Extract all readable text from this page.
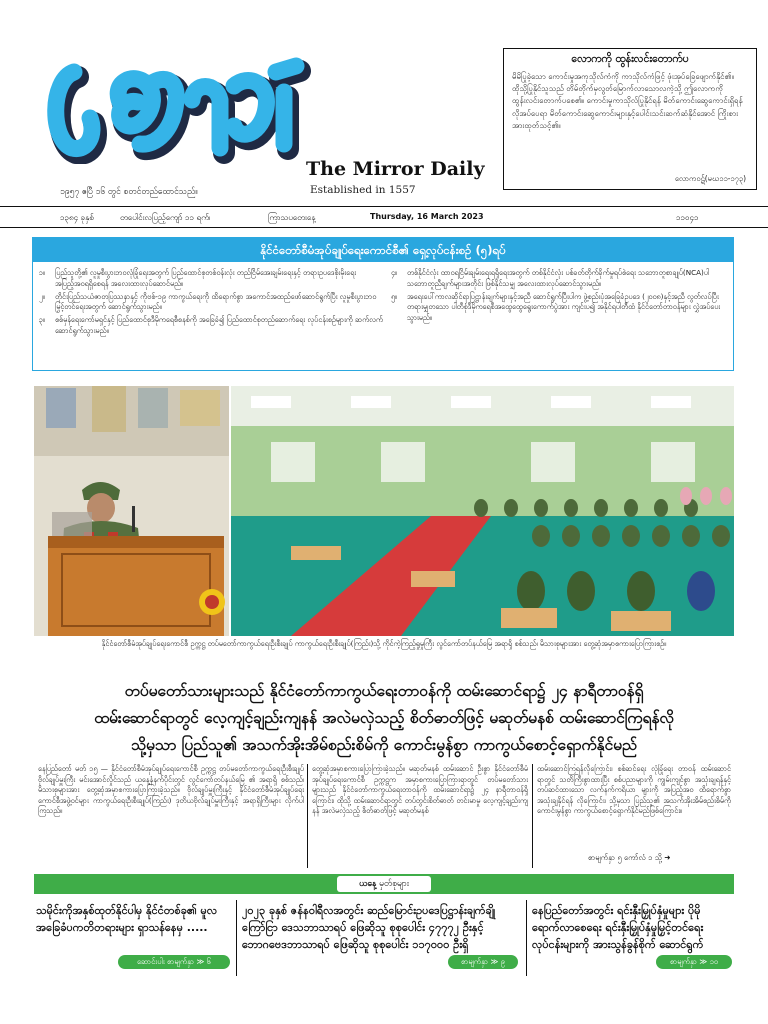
The Mirror Daily
Established in 1557
၁၉၅၇ ဧပြီ ၁၆ တွင် စတင်တည်ထောင်သည်။
လောကကို ထွန်းလင်းတောက်ပ
မိမိပြုခဲ့သော ကောင်းမှုအကုသိုလ်ကံကို ကာသိုလ်ကံဖြင့် ဖုံးအုပ်ခြေဖျောက်နိုင်၏။ ထိုသို့ပြုနိုင်သူသည် တိမ်တိုက်မှလွတ်မြောက်လာသောလကဲ့သို့ ဤလောကကို ထွန်းလင်းတောက်ပစေ၏။ ကောင်းမှုကာသိုလ်ပြုနိုင်ရန် မိတ်ကောင်းဆွေကောင်းရှိရန် လိုအပ်ပေရာ မိတ်ကောင်းဆွေကောင်းများနှင့်ပေါင်းသင်းဆက်ဆံနိုင်အောင် ကြိုးစားအားထုတ်သင့်၏။
လောကဝဋ်(မဃ၁၁-၁၇၃)
၁၃၈၄ ခုနှစ်	တပေါင်းလပြည့်ကျော် ၁၁ ရက်၊	ကြာသပတေးနေ့	Thursday, 16 March 2023	၁၁၀၄၁
နိုင်ငံတော်စီမံအုပ်ချုပ်ရေးကောင်စီ၏ ရှေ့လုပ်ငန်းစဉ် (၅)ရပ်
၁။ ပြည်သူတို့၏ လူမှုစီးပွားဘဝလုံခြုံရေးအတွက် ပြည်ထောင်စုတစ်ဝန်းလုံး တည်ငြိမ်အေးချမ်းရေးနှင့် တရားဥပဒေစိုးမိုးရေး အပြည့်အဝရရှိစေရန် အလေးထားလုပ်ဆောင်မည်။
၂။ တိုင်းပြည်သယံဇာတပြဿနာနှင့် ကိုဗစ်-၁၉ ကာကွယ်ရေးကို ထိရောက်စွာ အကောင်အထည်ဖော်ဆောင်ရွက်ပြီး လူမှုစီးပွားဘဝမြှင့်တင်ရေးအတွက် ဆောင်ရွက်သွားမည်။
၃။ စစ်မှန်ရေးကော်မရှင်နှင့် ပြည်ထောင်စုဒီမိုကရေစီစနစ်ကို အခြေခံ၍ ပြည်ထောင်စုတည်ဆောက်ရေး လုပ်ငန်းစဉ်များကို ဆက်လက်ဆောင်ရွက်သွားမည်။
၄။ တစ်နိုင်ငံလုံး ထာဝရငြိမ်းချမ်းရေးရရှိရေးအတွက် တစ်နိုင်ငံလုံး ပစ်ခတ်တိုက်ခိုက်မှုရပ်စဲရေး သဘောတူစာချုပ်(NCA)ပါ သဘောတူညီချက်များအတိုင်း ဖြစ်နိုင်သမျှ အလေးထားလုပ်ဆောင်သွားမည်။
၅။ အရေးပေါ်ကာလဆိုင်ရာပြဋ္ဌာန်းချက်များနှင့်အညီ ဆောင်ရွက်ပြီးပါက ဖွဲ့စည်းပုံအခြေခံဥပဒေ (၂၀၀၈)နှင့်အညီ လွတ်လပ်ပြီး တရားမျှတသော ပါတီစုံဒီမိုကရေစီအထွေထွေရွေးကောက်ပွဲအား ကျင်းပ၍ အနိုင်ရပါတီထံ နိုင်ငံတော်တာဝန်များ လွှဲအပ်ပေးသွားမည်။
နိုင်ငံတော်စီမံအုပ်ချုပ်ရေးကောင်စီ ဥက္ကဋ္ဌ တပ်မတော်ကာကွယ်ရေးဦးစီးချုပ် ကာကွယ်ရေးဦးစီးချုပ်(ကြည်း)သို့ ကိုင်ကဲ့ကြည့်ရှုမှုကြီး လွင်ကော်တပ်နယ်မြေ အရာရှိ စစ်သည်၊ မိသားစုများအား တွေ့ဆုံအမှာစကားပြောကြားစဉ်။
တပ်မတော်သားများသည် နိုင်ငံတော်ကာကွယ်ရေးတာဝန်ကို ထမ်းဆောင်ရာ၌ ၂၄ နာရီတာဝန်ရှိ
ထမ်းဆောင်ရာတွင် လေ့ကျင့်ချည်းကျနန် အလဲမလှဲသည့် စိတ်ဓာတ်ဖြင့် မဆုတ်မနစ် ထမ်းဆောင်ကြရန်လို
သို့မှသာ ပြည်သူ၏ အသက်အိုးအိမ်စည်းစိမ်ကို ကောင်းမွန်စွာ ကာကွယ်စောင့်ရှောက်နိုင်မည်
နေပြည်တော် မတ် ၁၅ — နိုင်ငံတော်စီမံအုပ်ချုပ်ရေးကောင်စီ ဥက္ကဋ္ဌ တပ်မတော်ကာကွယ်ရေးဦးစီးချုပ် ဗိုလ်ချုပ်မှူးကြီး မင်းအောင်လှိုင်သည် ယနေ့နံနက်ပိုင်းတွင် လွင်ကော်တပ်နယ်မြေ ၏ အရာရှိ စစ်သည်၊ မိသားစုများအား တွေ့ဆုံအမှာစကားပြောကြားခဲ့သည်။ ဗိုလ်ချုပ်မှူးကြီးနှင့် နိုင်ငံတော်စီမံအုပ်ချုပ်ရေးကောင်စီအဖွဲ့ဝင်များ ကာကွယ်ရေးဦးစီးချုပ်(ကြည်း) ဒုတိယဗိုလ်ချုပ်မှူးကြီးနှင့် အရာရှိကြီးများ လိုက်ပါကြသည်။
တွေ့ဆုံအမှာစကားပြောကြားခဲ့သည်။ မဆုတ်မနစ် ထမ်းဆောင် ဦးစွာ နိုင်ငံတော်စီမံအုပ်ချုပ်ရေးကောင်စီ ဥက္ကဋ္ဌက အမှာစကားပြောကြားရာတွင် တပ်မတော်သားများသည် နိုင်ငံတော်ကာကွယ်ရေးတာဝန်ကို ထမ်းဆောင်ရာ၌ ၂၄ နာရီတာဝန်ရှိကြောင်း၊ ထိုသို့ ထမ်းဆောင်ရာတွင် တပ်တွင်းစိတ်ဓာတ် တင်းမာမှု လေ့ကျင့်ချည်းကျနန် အလဲမလှဲသည့် စိတ်ဓာတ်ဖြင့် မဆုတ်မနစ်
ထမ်းဆောင်ကြရန်လိုကြောင်း၊ စစ်ဆင်ရေး လုံခြုံရေး တာဝန် ထမ်းဆောင်ရာတွင် သတိကြီးစွာထားပြီး စစ်ပညာများကို ကျွမ်းကျင်စွာ အသုံးချရန်နှင့် တပ်ဆင်ထားသော လက်နက်ကရိယာ များကို အပြည့်အဝ ထိရောက်စွာ အသုံးချနိုင်ရန် လိုကြောင်း၊ သို့မှသာ ပြည်သူ၏ အသက်အိုးအိမ်စည်းစိမ်ကို ကောင်းမွန်စွာ ကာကွယ်စောင့်ရှောက်နိုင်မည်ဖြစ်ကြောင်း။
စာမျက်နှာ ၅ ကော်လံ ၁ သို့ ➜
ယနေ့ မှတ်စုများ
သမိုင်းကိုအနှစ်ထုတ်နိုင်ပါမှ နိုင်ငံတစ်ခု၏ မူလအခြေခံပကတိတရားများ ရှာသန်နေမှ .....
ဆောင်းပါး စာမျက်နှာ ≫ ၆
၂၀၂၃ ခုနှစ် ဇန်နဝါရီလအတွင်း ဆည်မြောင်းဥပဒေပြဋ္ဌာန်းချက်ချို ကြော်ငြာ ဒေသဘာသာရပ် ဖြေဆိုသူ စုစုပေါင်း ၄၇၇၇၂ ဦးနှင့် ဘောဂဗေဒဘာသာရပ် ဖြေဆိုသူ စုစုပေါင်း ၁၁၇၀၀၀ ဦးရှိ
စာမျက်နှာ ≫ ၉
နေပြည်တော်အတွင်း ရင်းနှီးမြှုပ်နှံမှုများ ပိုမိုရောက်လာစေရေး ရင်းနှီးမြှုပ်နှံမှုမြှင့်တင်ရေးလုပ်ငန်းများကို အားသွန်ခွန်စိုက် ဆောင်ရွက်
စာမျက်နှာ ≫ ၁၀
